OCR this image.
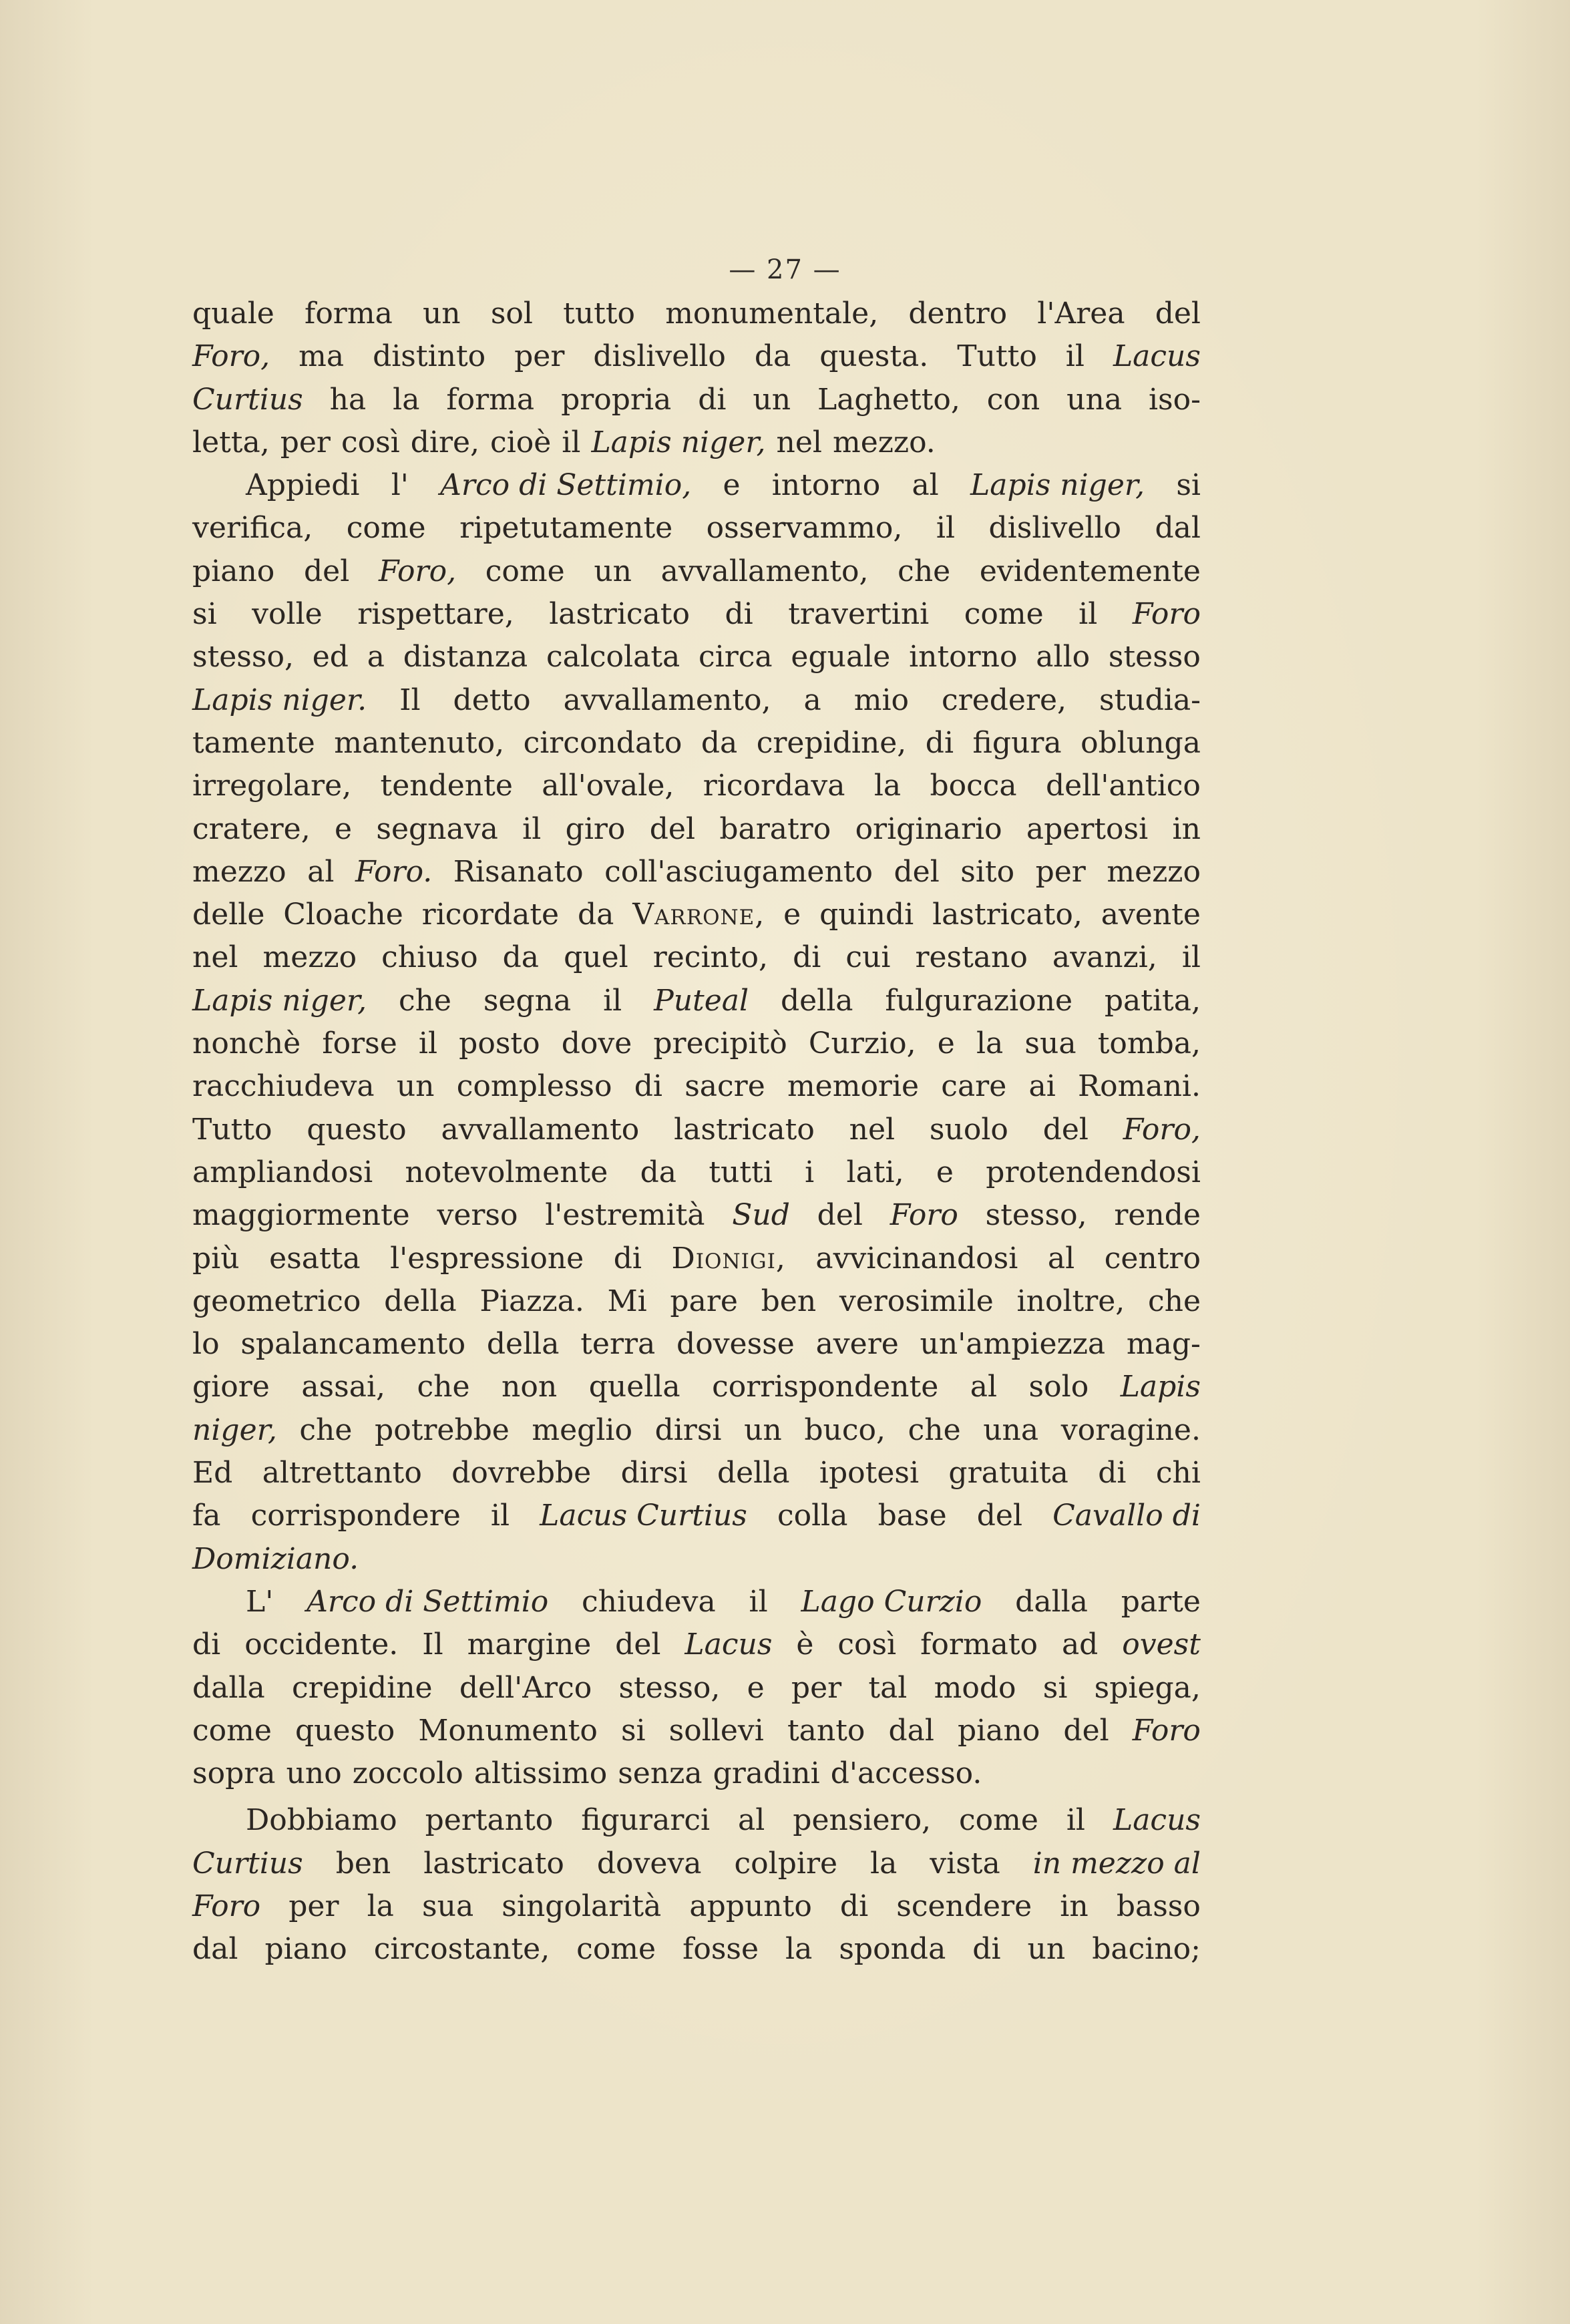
— 27 —
quale forma un sol tutto monumentale, dentro l'Area del
Foro, ma distinto per dislivello da questa. Tutto il Lacus
Curtius ha la forma propria di un Laghetto, con una iso-
letta, per così dire, cioè il Lapis niger, nel mezzo.
Appiedi l' Arco di Settimio, e intorno al Lapis niger, si
verifica, come ripetutamente osservammo, il dislivello dal
piano del Foro, come un avvallamento, che evidentemente
si volle rispettare, lastricato di travertini come il Foro
stesso, ed a distanza calcolata circa eguale intorno allo stesso
Lapis niger. Il detto avvallamento, a mio credere, studia-
tamente mantenuto, circondato da crepidine, di figura oblunga
irregolare, tendente all'ovale, ricordava la bocca dell'antico
cratere, e segnava il giro del baratro originario apertosi in
mezzo al Foro. Risanato coll'asciugamento del sito per mezzo
delle Cloache ricordate da Varrone, e quindi lastricato, avente
nel mezzo chiuso da quel recinto, di cui restano avanzi, il
Lapis niger, che segna il Puteal della fulgurazione patita,
nonchè forse il posto dove precipitò Curzio, e la sua tomba,
racchiudeva un complesso di sacre memorie care ai Romani.
Tutto questo avvallamento lastricato nel suolo del Foro,
ampliandosi notevolmente da tutti i lati, e protendendosi
maggiormente verso l'estremità Sud del Foro stesso, rende
più esatta l'espressione di Dionigi, avvicinandosi al centro
geometrico della Piazza. Mi pare ben verosimile inoltre, che
lo spalancamento della terra dovesse avere un'ampiezza mag-
giore assai, che non quella corrispondente al solo Lapis
niger, che potrebbe meglio dirsi un buco, che una voragine.
Ed altrettanto dovrebbe dirsi della ipotesi gratuita di chi
fa corrispondere il Lacus Curtius colla base del Cavallo di
Domiziano.
L' Arco di Settimio chiudeva il Lago Curzio dalla parte
di occidente. Il margine del Lacus è così formato ad ovest
dalla crepidine dell'Arco stesso, e per tal modo si spiega,
come questo Monumento si sollevi tanto dal piano del Foro
sopra uno zoccolo altissimo senza gradini d'accesso.
Dobbiamo pertanto figurarci al pensiero, come il Lacus
Curtius ben lastricato doveva colpire la vista in mezzo al
Foro per la sua singolarità appunto di scendere in basso
dal piano circostante, come fosse la sponda di un bacino;
